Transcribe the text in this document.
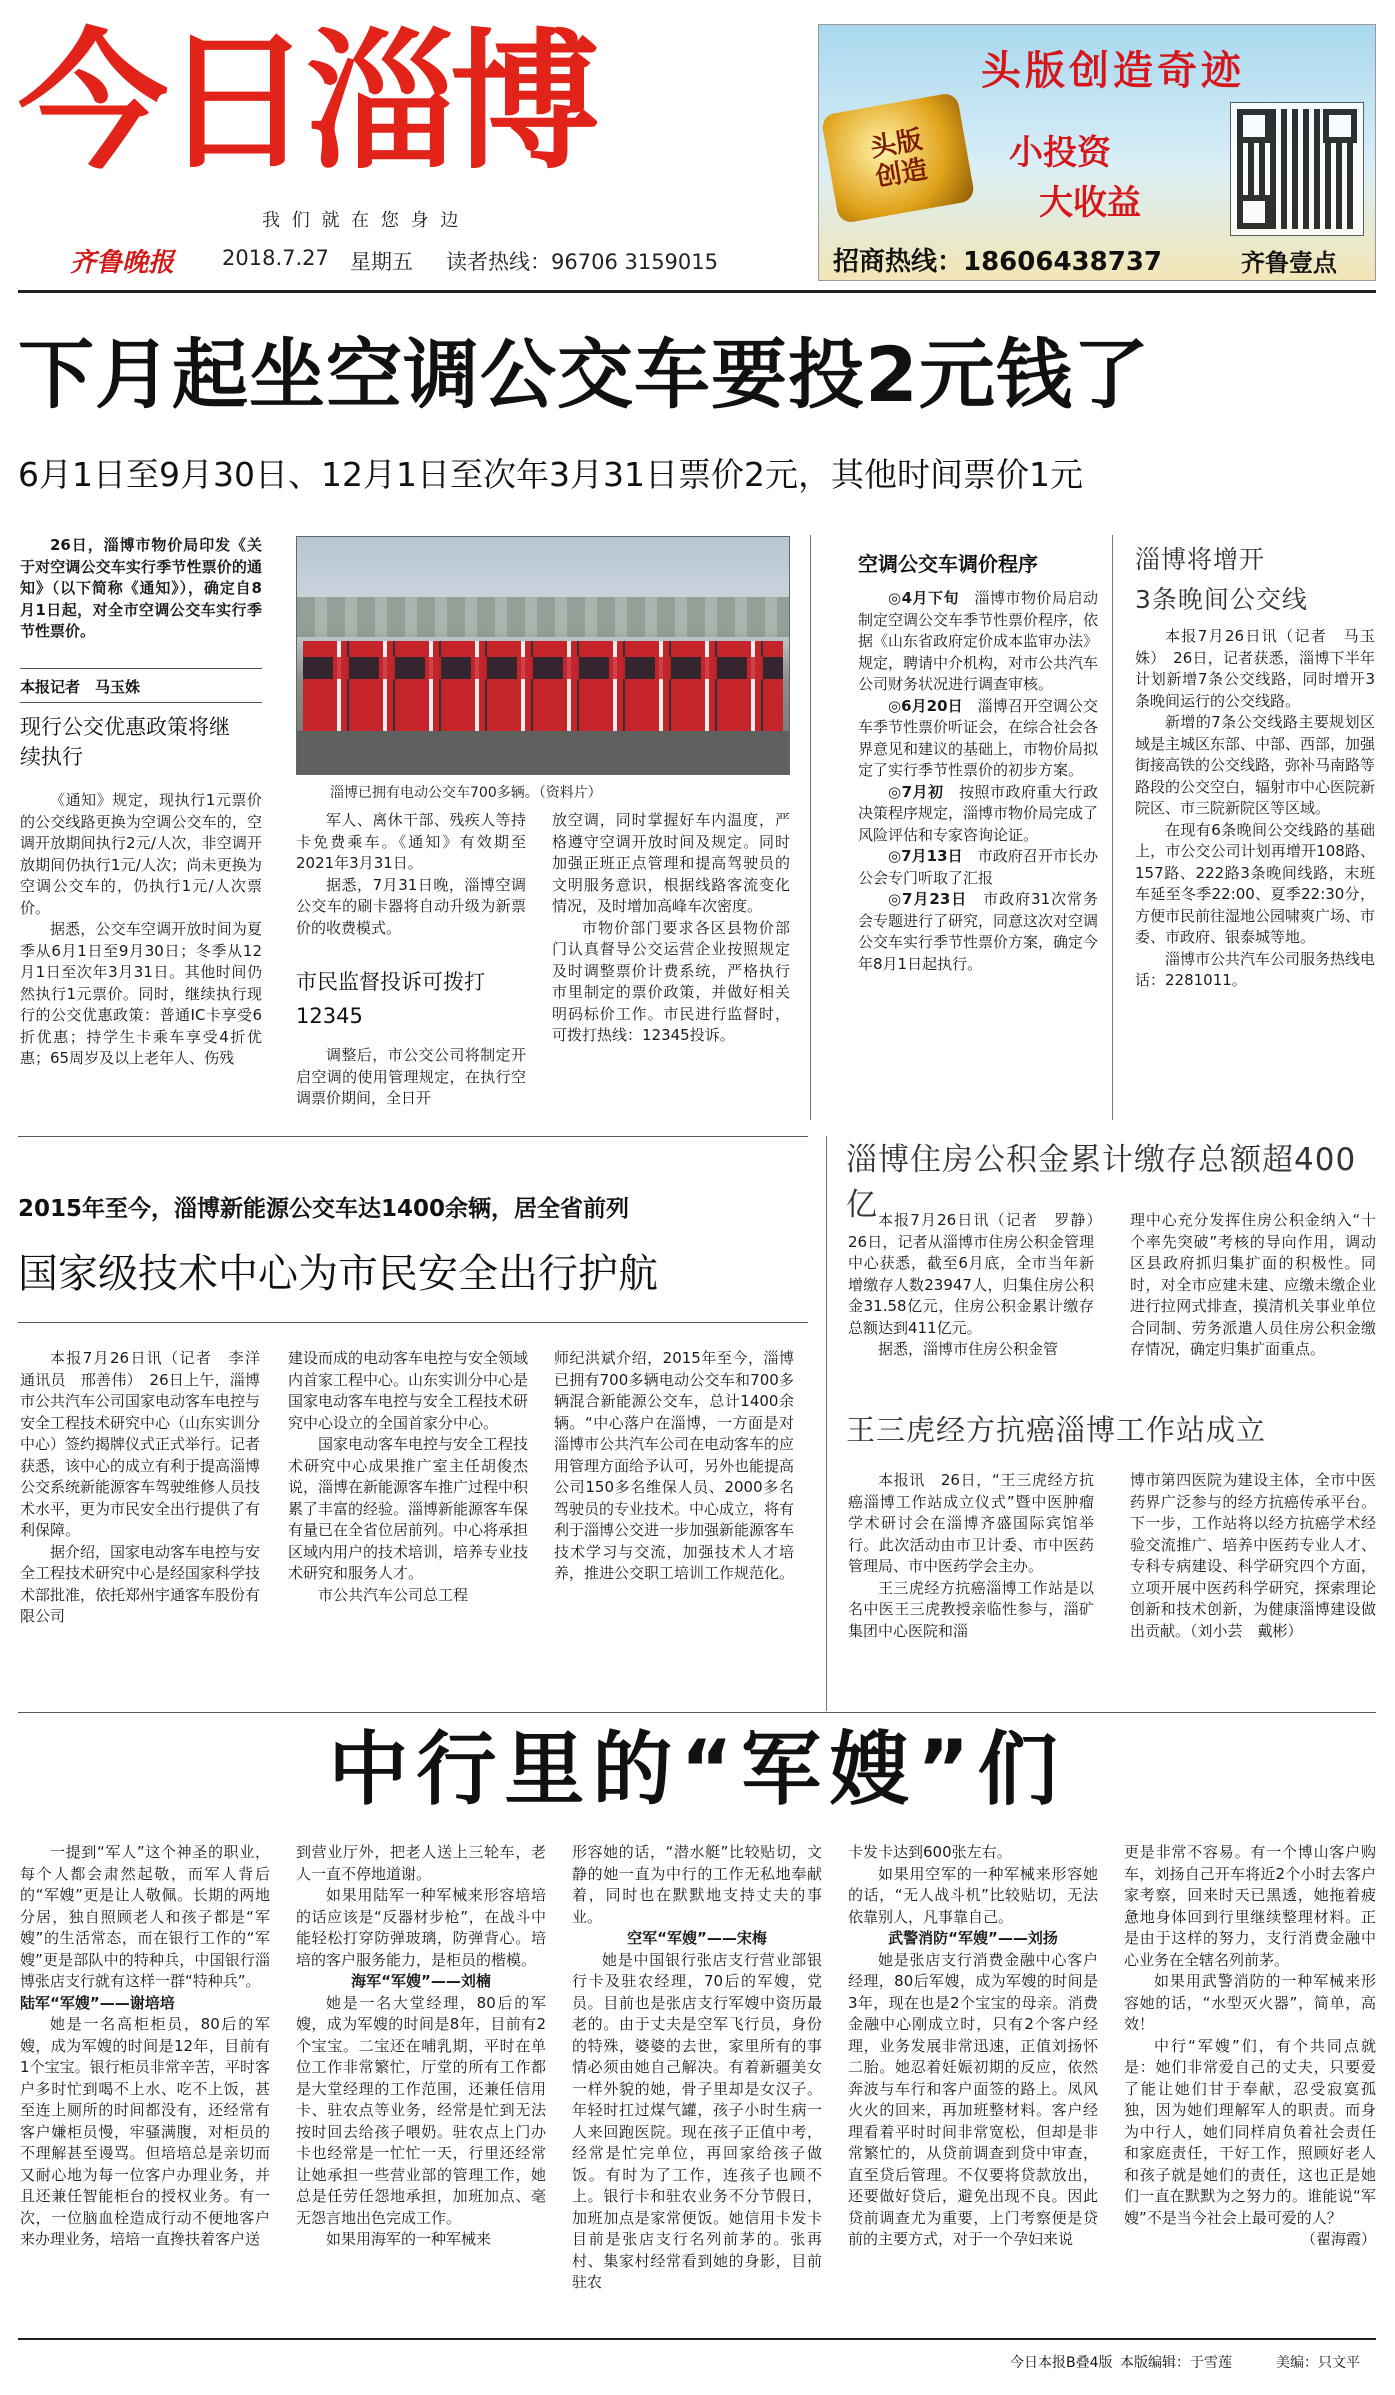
今日淄博
我 们 就 在 您 身 边
齐鲁晚报 2018.7.27 星期五 读者热线：96706 3159015
头版
创造
头版创造奇迹
小投资
大收益
招商热线：18606438737	齐鲁壹点
下月起坐空调公交车要投2元钱了
6月1日至9月30日、12月1日至次年3月31日票价2元，其他时间票价1元

26日，淄博市物价局印发《关于对空调公交车实行季节性票价的通知》（以下简称《通知》），确定自8月1日起，对全市空调公交车实行季节性票价。

本报记者　马玉姝
现行公交优惠政策将继续执行

《通知》规定，现执行1元票价的公交线路更换为空调公交车的，空调开放期间执行2元/人次，非空调开放期间仍执行1元/人次；尚未更换为空调公交车的，仍执行1元/人次票价。

据悉，公交车空调开放时间为夏季从6月1日至9月30日；冬季从12月1日至次年3月31日。其他时间仍然执行1元票价。同时，继续执行现行的公交优惠政策：普通IC卡享受6折优惠；持学生卡乘车享受4折优惠；65周岁及以上老年人、伤残

淄博已拥有电动公交车700多辆。（资料片）

军人、离休干部、残疾人等持卡免费乘车。《通知》有效期至2021年3月31日。

据悉，7月31日晚，淄博空调公交车的刷卡器将自动升级为新票价的收费模式。

市民监督投诉可拨打12345

调整后，市公交公司将制定开启空调的使用管理规定，在执行空调票价期间，全日开

放空调，同时掌握好车内温度，严格遵守空调开放时间及规定。同时加强正班正点管理和提高驾驶员的文明服务意识，根据线路客流变化情况，及时增加高峰车次密度。

市物价部门要求各区县物价部门认真督导公交运营企业按照规定及时调整票价计费系统，严格执行市里制定的票价政策，并做好相关明码标价工作。市民进行监督时，可拨打热线：12345投诉。

空调公交车调价程序

◎4月下旬　 淄博市物价局启动制定空调公交车季节性票价程序，依据《山东省政府定价成本监审办法》规定，聘请中介机构，对市公共汽车公司财务状况进行调查审核。

◎6月20日　 淄博召开空调公交车季节性票价听证会，在综合社会各界意见和建议的基础上，市物价局拟定了实行季节性票价的初步方案。

◎7月初　 按照市政府重大行政决策程序规定，淄博市物价局完成了风险评估和专家咨询论证。

◎7月13日　 市政府召开市长办公会专门听取了汇报

◎7月23日　 市政府31次常务会专题进行了研究，同意这次对空调公交车实行季节性票价方案，确定今年8月1日起执行。

淄博将增开
3条晚间公交线

本报7月26日讯（记者　马玉姝）　26日，记者获悉，淄博下半年计划新增7条公交线路，同时增开3条晚间运行的公交线路。

新增的7条公交线路主要规划区域是主城区东部、中部、西部，加强街接高铁的公交线路，弥补马南路等路段的公交空白，辐射市中心医院新院区、市三院新院区等区域。

在现有6条晚间公交线路的基础上，市公交公司计划再增开108路、157路、222路3条晚间线路，末班车延至冬季22:00、夏季22:30分，方便市民前往湿地公园啸爽广场、市委、市政府、银泰城等地。

淄博市公共汽车公司服务热线电话：2281011。

2015年至今，淄博新能源公交车达1400余辆，居全省前列
国家级技术中心为市民安全出行护航

本报7月26日讯（记者　李洋　通讯员　邢善伟）　26日上午，淄博市公共汽车公司国家电动客车电控与安全工程技术研究中心（山东实训分中心）签约揭牌仪式正式举行。记者获悉，该中心的成立有利于提高淄博公交系统新能源客车驾驶维修人员技术水平，更为市民安全出行提供了有利保障。

据介绍，国家电动客车电控与安全工程技术研究中心是经国家科学技术部批准，依托郑州宇通客车股份有限公司

建设而成的电动客车电控与安全领域内首家工程中心。山东实训分中心是国家电动客车电控与安全工程技术研究中心设立的全国首家分中心。

国家电动客车电控与安全工程技术研究中心成果推广室主任胡俊杰说，淄博在新能源客车推广过程中积累了丰富的经验。淄博新能源客车保有量已在全省位居前列。中心将承担区域内用户的技术培训，培养专业技术研究和服务人才。

市公共汽车公司总工程

师纪洪斌介绍，2015年至今，淄博已拥有700多辆电动公交车和700多辆混合新能源公交车，总计1400余辆。“中心落户在淄博，一方面是对淄博市公共汽车公司在电动客车的应用管理方面给予认可，另外也能提高公司150多名维保人员、2000多名驾驶员的专业技术。中心成立，将有利于淄博公交进一步加强新能源客车技术学习与交流，加强技术人才培养，推进公交职工培训工作规范化。

淄博住房公积金累计缴存总额超400亿 本报7月26日讯（记者　罗静）　26日，记者从淄博市住房公积金管理中心获悉，截至6月底，全市当年新增缴存人数23947人，归集住房公积金31.58亿元，住房公积金累计缴存总额达到411亿元。

据悉，淄博市住房公积金管

理中心充分发挥住房公积金纳入“十个率先突破”考核的导向作用，调动区县政府抓归集扩面的积极性。同时，对全市应建未建、应缴未缴企业进行拉网式排查，摸清机关事业单位合同制、劳务派遣人员住房公积金缴存情况，确定归集扩面重点。

王三虎经方抗癌淄博工作站成立

本报讯　26日，“王三虎经方抗癌淄博工作站成立仪式”暨中医肿瘤学术研讨会在淄博齐盛国际宾馆举行。此次活动由市卫计委、市中医药管理局、市中医药学会主办。

王三虎经方抗癌淄博工作站是以名中医王三虎教授亲临性参与，淄矿集团中心医院和淄

博市第四医院为建设主体，全市中医药界广泛参与的经方抗癌传承平台。下一步，工作站将以经方抗癌学术经验交流推广、培养中医药专业人才、专科专病建设、科学研究四个方面，立项开展中医药科学研究，探索理论创新和技术创新，为健康淄博建设做出贡献。（刘小芸　戴彬）

中行里的“军嫂”们

一提到“军人”这个神圣的职业，每个人都会肃然起敬，而军人背后的“军嫂”更是让人敬佩。长期的两地分居，独自照顾老人和孩子都是“军嫂”的生活常态，而在银行工作的“军嫂”更是部队中的特种兵，中国银行淄博张店支行就有这样一群“特种兵”。

陆军“军嫂”——谢培培

她是一名高柜柜员，80后的军嫂，成为军嫂的时间是12年，目前有1个宝宝。银行柜员非常辛苦，平时客户多时忙到喝不上水、吃不上饭，甚至连上厕所的时间都没有，还经常有客户嫌柜员慢，牢骚满腹，对柜员的不理解甚至谩骂。但培培总是亲切而又耐心地为每一位客户办理业务，并且还兼任智能柜台的授权业务。有一次，一位脑血栓造成行动不便地客户来办理业务，培培一直搀扶着客户送

到营业厅外，把老人送上三轮车，老人一直不停地道谢。

如果用陆军一种军械来形容培培的话应该是“反器材步枪”，在战斗中能轻松打穿防弹玻璃，防弹背心。培培的客户服务能力，是柜员的楷模。

海军“军嫂”——刘楠

她是一名大堂经理，80后的军嫂，成为军嫂的时间是8年，目前有2个宝宝。二宝还在哺乳期，平时在单位工作非常繁忙，厅堂的所有工作都是大堂经理的工作范围，还兼任信用卡、驻农点等业务，经常是忙到无法按时回去给孩子喂奶。驻农点上门办卡也经常是一忙忙一天，行里还经常让她承担一些营业部的管理工作，她总是任劳任怨地承担，加班加点、毫无怨言地出色完成工作。

如果用海军的一种军械来

形容她的话，“潜水艇”比较贴切，文静的她一直为中行的工作无私地奉献着，同时也在默默地支持丈夫的事业。

空军“军嫂”——宋梅

她是中国银行张店支行营业部银行卡及驻农经理，70后的军嫂，党员。目前也是张店支行军嫂中资历最老的。由于丈夫是空军飞行员，身份的特殊，婆婆的去世，家里所有的事情必须由她自己解决。有着新疆美女一样外貌的她，骨子里却是女汉子。年轻时扛过煤气罐，孩子小时生病一人来回跑医院。现在孩子正值中考，经常是忙完单位，再回家给孩子做饭。有时为了工作，连孩子也顾不上。银行卡和驻农业务不分节假日，加班加点是家常便饭。她信用卡发卡目前是张店支行名列前茅的。张再村、集家村经常看到她的身影，目前驻农

卡发卡达到600张左右。

如果用空军的一种军械来形容她的话，“无人战斗机”比较贴切，无法依靠别人，凡事靠自己。

武警消防“军嫂”——刘扬

她是张店支行消费金融中心客户经理，80后军嫂，成为军嫂的时间是3年，现在也是2个宝宝的母亲。消费金融中心刚成立时，只有2个客户经理，业务发展非常迅速，正值刘扬怀二胎。她忍着妊娠初期的反应，依然奔波与车行和客户面签的路上。凤风火火的回来，再加班整材料。客户经理看着平时时间非常宽松，但却是非常繁忙的，从贷前调查到贷中审查，直至贷后管理。不仅要将贷款放出，还要做好贷后，避免出现不良。因此贷前调查尤为重要，上门考察便是贷前的主要方式，对于一个孕妇来说

更是非常不容易。有一个博山客户购车，刘扬自己开车将近2个小时去客户家考察，回来时天已黑透，她拖着疲惫地身体回到行里继续整理材料。正是由于这样的努力，支行消费金融中心业务在全辖名列前茅。

如果用武警消防的一种军械来形容她的话，“水型灭火器”，简单，高效！

中行“军嫂”们，有个共同点就是：她们非常爱自己的丈夫，只要爱了能让她们甘于奉献，忍受寂寞孤独，因为她们理解军人的职责。而身为中行人，她们同样肩负着社会责任和家庭责任，干好工作，照顾好老人和孩子就是她们的责任，这也正是她们一直在默默为之努力的。谁能说“军嫂”不是当今社会上最可爱的人？

（翟海霞）

今日本报B叠4版 本版编辑：于雪莲	美编：只文平
